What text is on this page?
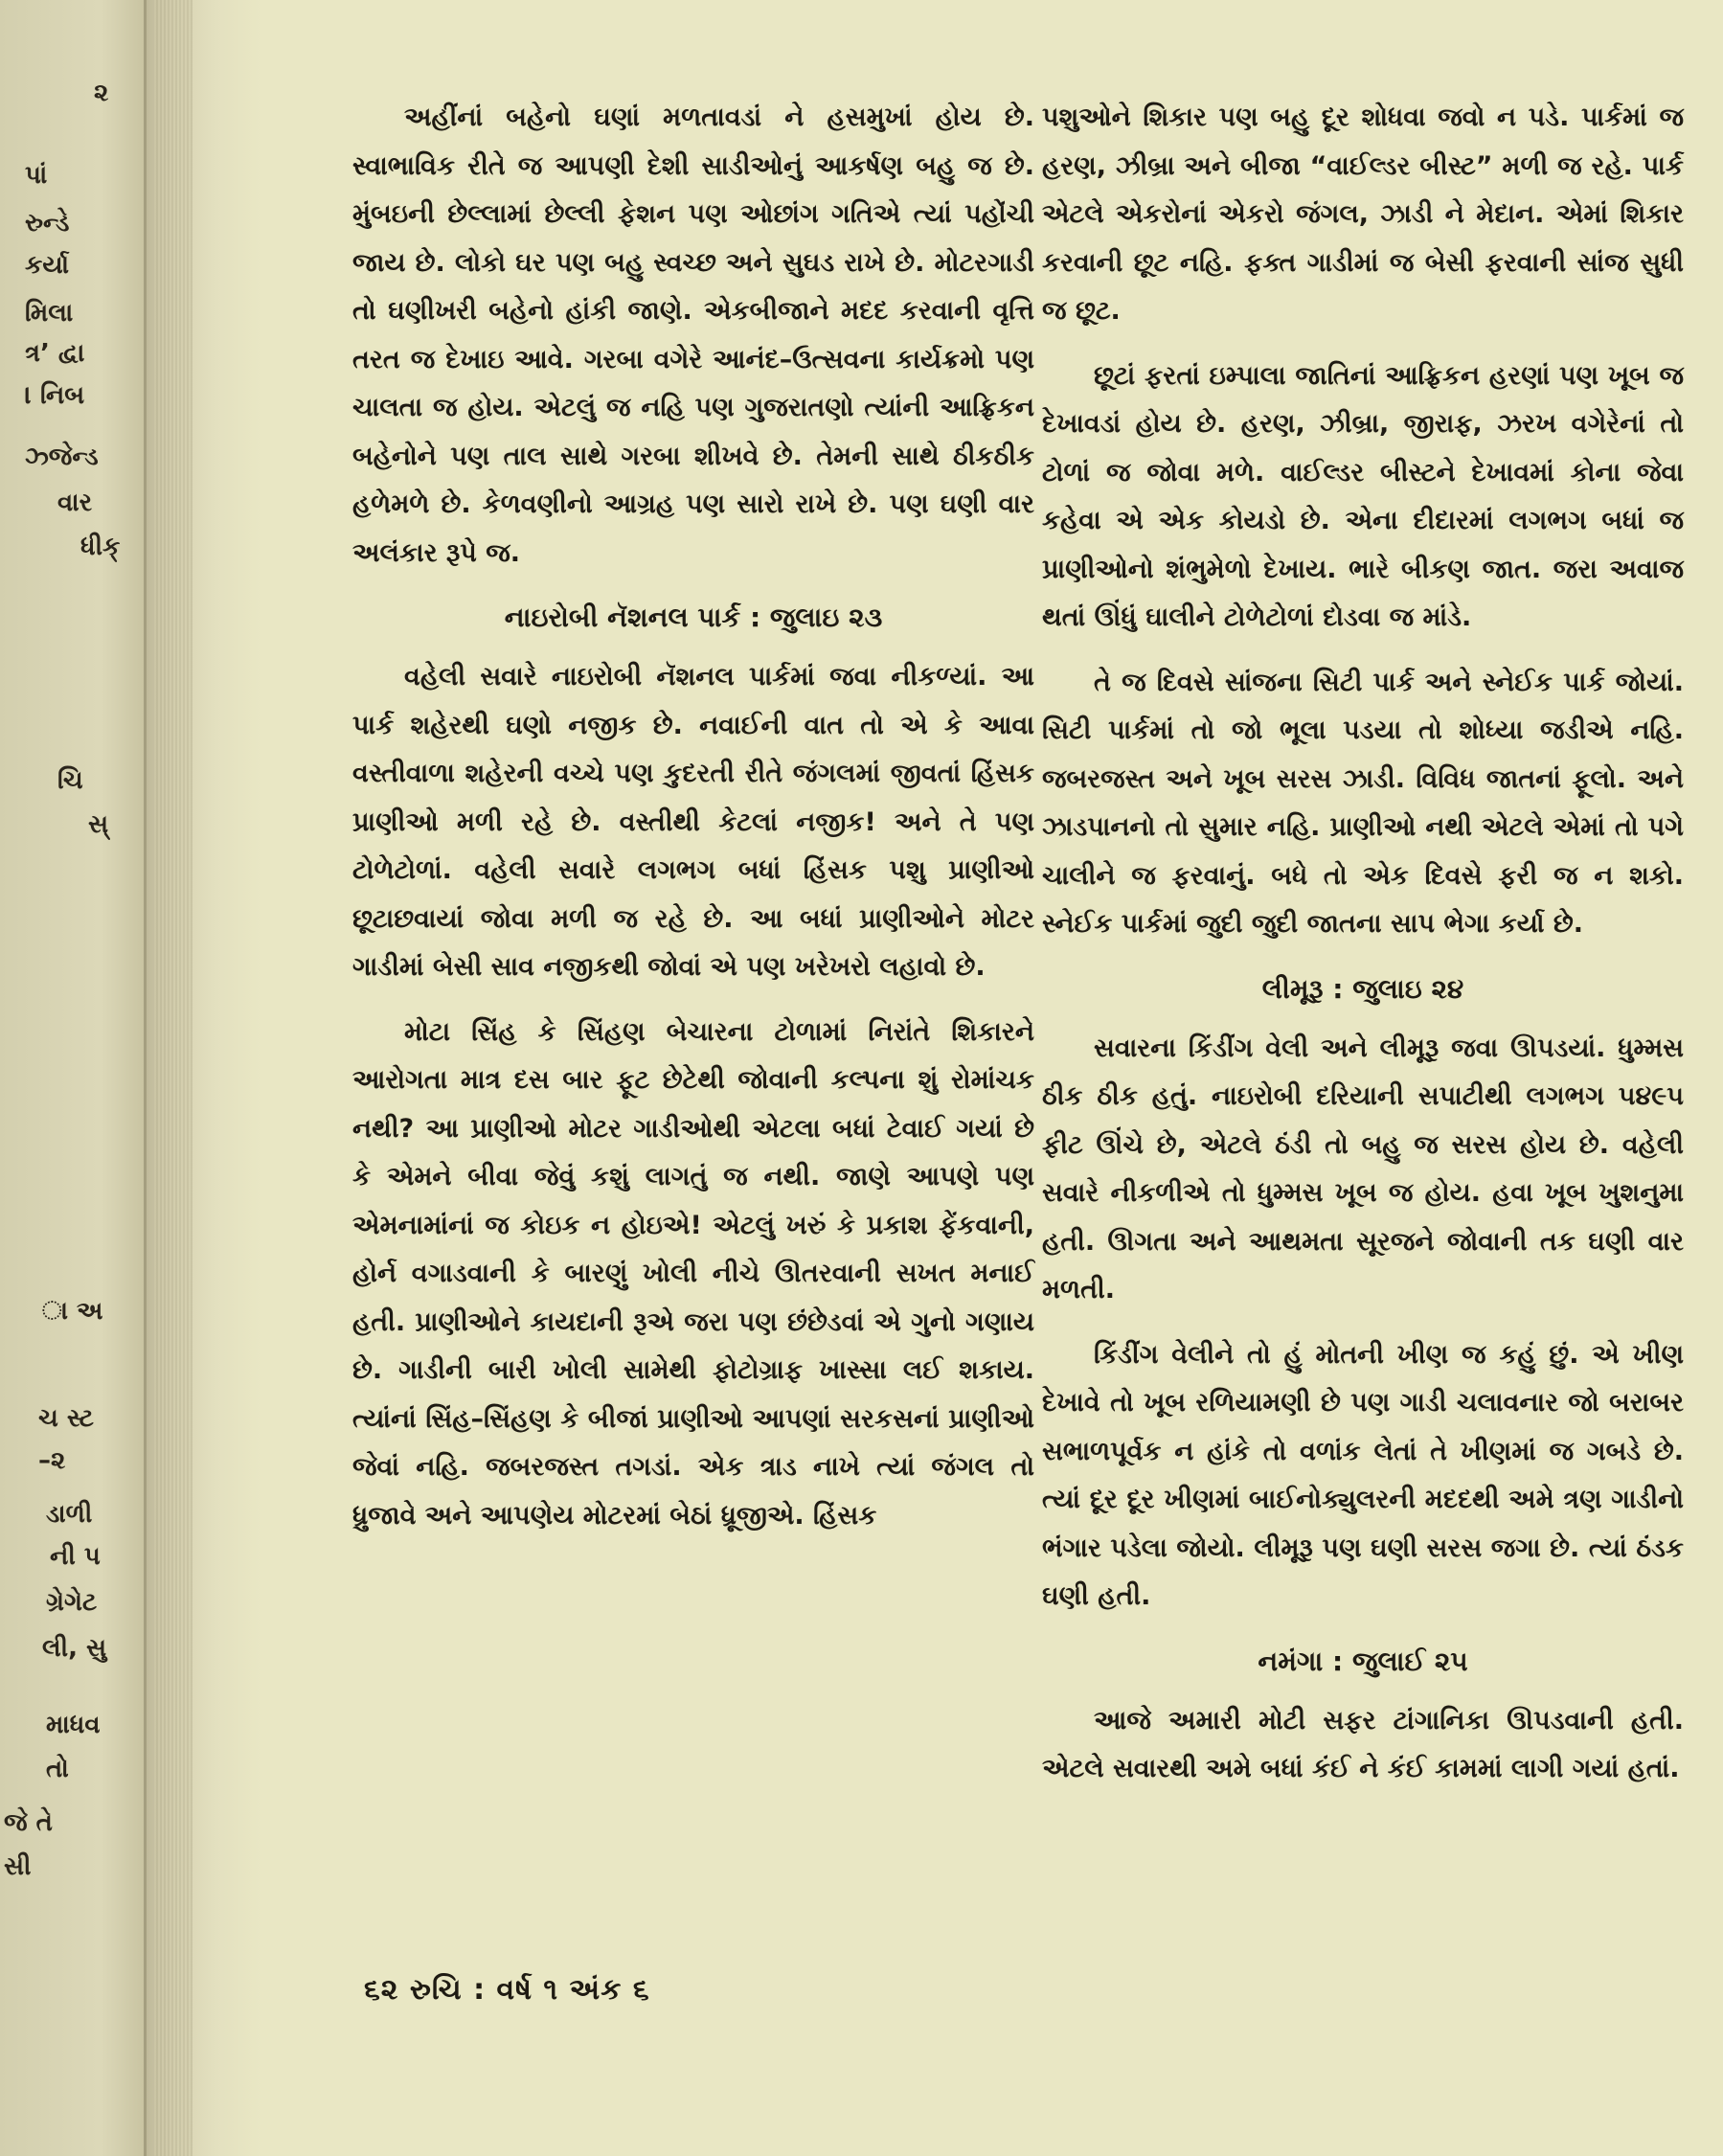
૨
પાં
રુન્ડે
કર્યા
મિલા
ત્ર’ દ્વા
। નિબ
ઝ્જેન્ડ
વાર
ધીક્
ચિ
સ્
ા અ
ચ સ્ટ
–૨
ડાળી
ની પ
ગ્રેગેટ
લી, સુ
માધવ
તો
જે તે
સી

અહીંનાં બહેનો ઘણાં મળતાવડાં ને હસમુખાં હોય છે. સ્વાભાવિક રીતે જ આપણી દેશી સાડીઓનું આકર્ષણ બહુ જ છે. મુંબઇની છેલ્લામાં છેલ્લી ફેશન પણ ઓછાંગ ગતિએ ત્યાં પહોંચી જાય છે. લોકો ઘર પણ બહુ સ્વચ્છ અને સુઘડ રાખે છે. મોટરગાડી તો ઘણીખરી બહેનો હાંકી જાણે. એકબીજાને મદદ કરવાની વૃત્તિ તરત જ દેખાઇ આવે. ગરબા વગેરે આનંદ–ઉત્સવના કાર્યક્રમો પણ ચાલતા જ હોય. એટલું જ નહિ પણ ગુજરાતણો ત્યાંની આફ્રિકન બહેનોને પણ તાલ સાથે ગરબા શીખવે છે. તેમની સાથે ઠીકઠીક હળેમળે છે. કેળવણીનો આગ્રહ પણ સારો રાખે છે. પણ ઘણી વાર અલંકાર રૂપે જ.

નાઇરોબી નૅશનલ પાર્ક : જુલાઇ ૨૩

વહેલી સવારે નાઇરોબી નૅશનલ પાર્કમાં જવા નીકળ્યાં. આ પાર્ક શહેરથી ઘણો નજીક છે. નવાઈની વાત તો એ કે આવા વસ્તીવાળા શહેરની વચ્ચે પણ કુદરતી રીતે જંગલમાં જીવતાં હિંસક પ્રાણીઓ મળી રહે છે. વસ્તીથી કેટલાં નજીક! અને તે પણ ટોળેટોળાં. વહેલી સવારે લગભગ બધાં હિંસક પશુ પ્રાણીઓ છૂટાછવાયાં જોવા મળી જ રહે છે. આ બધાં પ્રાણીઓને મોટર ગાડીમાં બેસી સાવ નજીકથી જોવાં એ પણ ખરેખરો લહાવો છે.

મોટા સિંહ કે સિંહણ બેચારના ટોળામાં નિરાંતે શિકારને આરોગતા માત્ર દસ બાર ફૂટ છેટેથી જોવાની કલ્પના શું રોમાંચક નથી? આ પ્રાણીઓ મોટર ગાડીઓથી એટલા બધાં ટેવાઈ ગયાં છે કે એમને બીવા જેવું કશું લાગતું જ નથી. જાણે આપણે પણ એમનામાંનાં જ કોઇક ન હોઇએ! એટલું ખરું કે પ્રકાશ ફેંકવાની, હોર્ન વગાડવાની કે બારણું ખોલી નીચે ઊતરવાની સખત મનાઈ હતી. પ્રાણીઓને કાયદાની રૂએ જરા પણ છંછેડવાં એ ગુનો ગણાય છે. ગાડીની બારી ખોલી સામેથી ફોટોગ્રાફ ખાસ્સા લઈ શકાય. ત્યાંનાં સિંહ–સિંહણ કે બીજાં પ્રાણીઓ આપણાં સરકસનાં પ્રાણીઓ જેવાં નહિ. જબરજસ્ત તગડાં. એક ત્રાડ નાખે ત્યાં જંગલ તો ધ્રુજાવે અને આપણેય મોટરમાં બેઠાં ધ્રૂજીએ. હિંસક

પશુઓને શિકાર પણ બહુ દૂર શોધવા જવો ન પડે. પાર્કમાં જ હરણ, ઝીબ્રા અને બીજા “વાઈલ્ડર બીસ્ટ” મળી જ રહે. પાર્ક એટલે એકરોનાં એકરો જંગલ, ઝાડી ને મેદાન. એમાં શિકાર કરવાની છૂટ નહિ. ફક્ત ગાડીમાં જ બેસી ફરવાની સાંજ સુધી જ છૂટ.

છૂટાં ફરતાં ઇમ્પાલા જાતિનાં આફ્રિકન હરણાં પણ ખૂબ જ દેખાવડાં હોય છે. હરણ, ઝીબ્રા, જીરાફ, ઝરખ વગેરેનાં તો ટોળાં જ જોવા મળે. વાઈલ્ડર બીસ્ટને દેખાવમાં કોના જેવા કહેવા એ એક કોયડો છે. એના દીદારમાં લગભગ બધાં જ પ્રાણીઓનો શંભુમેળો દેખાય. ભારે બીકણ જાત. જરા અવાજ થતાં ઊંધું ઘાલીને ટોળેટોળાં દોડવા જ માંડે.

તે જ દિવસે સાંજના સિટી પાર્ક અને સ્નેઈક પાર્ક જોયાં. સિટી પાર્કમાં તો જો ભૂલા પડયા તો શોધ્યા જડીએ નહિ. જબરજસ્ત અને ખૂબ સરસ ઝાડી. વિવિધ જાતનાં ફૂલો. અને ઝાડપાનનો તો સુમાર નહિ. પ્રાણીઓ નથી એટલે એમાં તો પગે ચાલીને જ ફરવાનું. બધે તો એક દિવસે ફરી જ ન શકો. સ્નેઈક પાર્કમાં જુદી જુદી જાતના સાપ ભેગા કર્યા છે.

લીમૂરૂ : જુલાઇ ૨૪

સવારના કિંડીંગ વેલી અને લીમૂરૂ જવા ઊપડયાં. ધુમ્મસ ઠીક ઠીક હતું. નાઇરોબી દરિયાની સપાટીથી લગભગ ૫૪૯૫ ફીટ ઊંચે છે, એટલે ઠંડી તો બહુ જ સરસ હોય છે. વહેલી સવારે નીકળીએ તો ધુમ્મસ ખૂબ જ હોય. હવા ખૂબ ખુશનુમા હતી. ઊગતા અને આથમતા સૂરજને જોવાની તક ઘણી વાર મળતી.

કિંડીંગ વેલીને તો હું મોતની ખીણ જ કહું છું. એ ખીણ દેખાવે તો ખૂબ રળિયામણી છે પણ ગાડી ચલાવનાર જો બરાબર સભાળપૂર્વક ન હાંકે તો વળાંક લેતાં તે ખીણમાં જ ગબડે છે. ત્યાં દૂર દૂર ખીણમાં બાઈનોક્યુલરની મદદથી અમે ત્રણ ગાડીનો ભંગાર પડેલા જોયો. લીમૂરૂ પણ ઘણી સરસ જગા છે. ત્યાં ઠંડક ઘણી હતી.

નમંગા : જુલાઈ ૨૫

આજે અમારી મોટી સફર ટાંગાનિકા ઊપડવાની હતી. એટલે સવારથી અમે બધાં કંઈ ને કંઈ કામમાં લાગી ગયાં હતાં.

૬૨ રુચિ : વર્ષ ૧ અંક ૬
